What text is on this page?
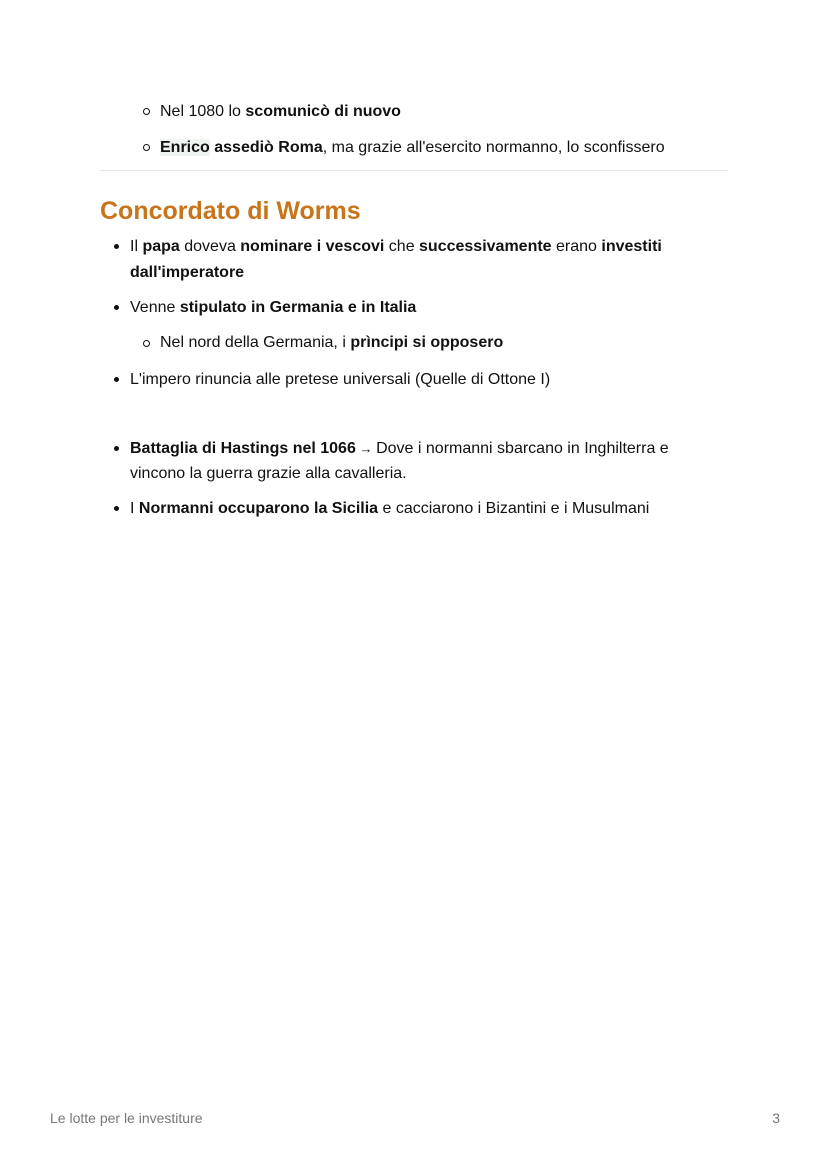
Nel 1080 lo scomunicò di nuovo
Enrico assediò Roma, ma grazie all'esercito normanno, lo sconfissero
Concordato di Worms
Il papa doveva nominare i vescovi che successivamente erano investiti
dall'imperatore
Venne stipulato in Germania e in Italia
Nel nord della Germania, i prìncipi si opposero
L'impero rinuncia alle pretese universali (Quelle di Ottone I)
Battaglia di Hastings nel 1066 → Dove i normanni sbarcano in Inghilterra e
vincono la guerra grazie alla cavalleria.
I Normanni occuparono la Sicilia e cacciarono i Bizantini e i Musulmani
Le lotte per le investiture	3
